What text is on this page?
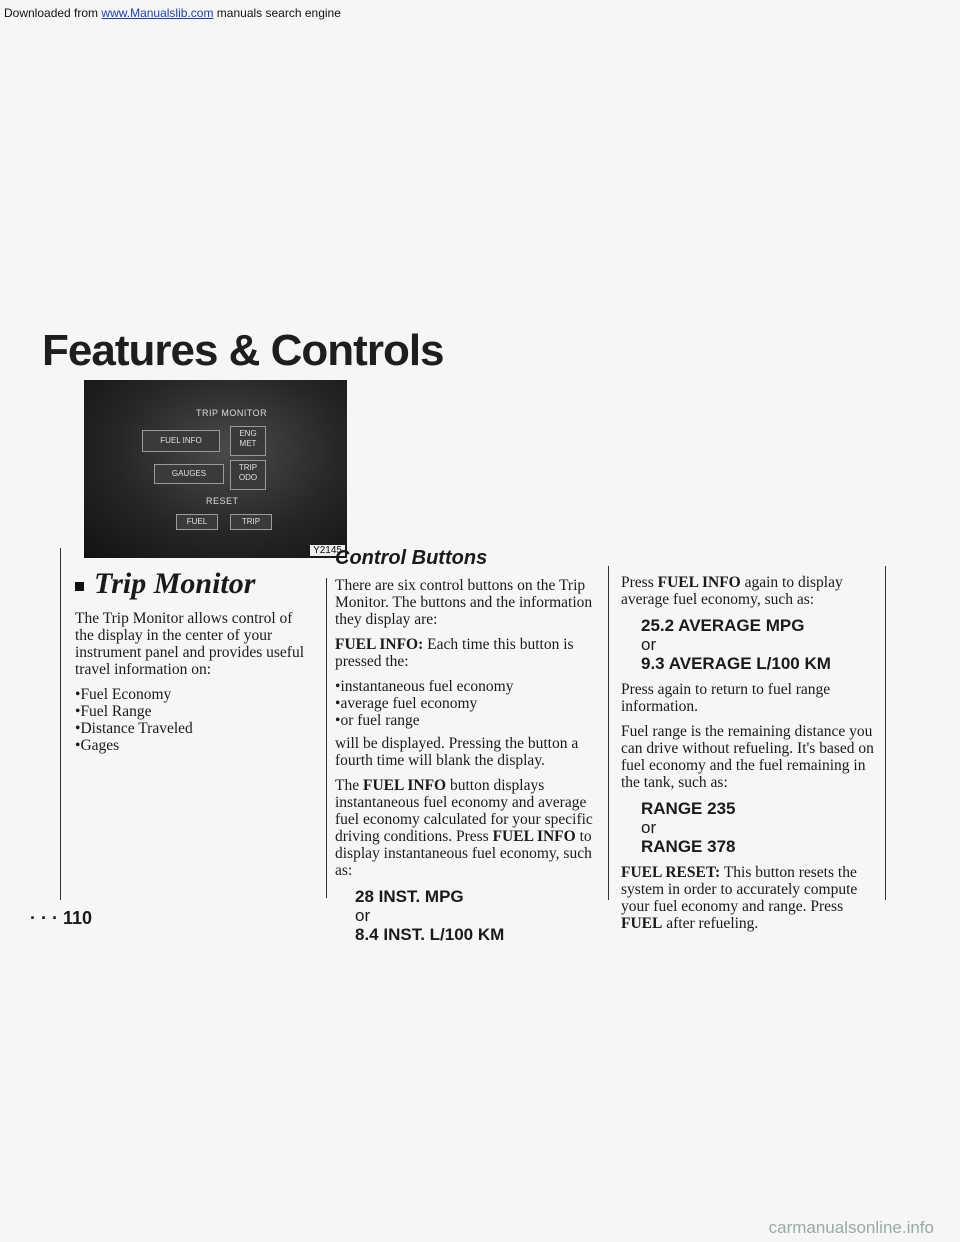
Downloaded from www.Manualslib.com manuals search engine
Features & Controls
TRIP MONITOR
FUEL INFO
ENG MET
GAUGES
TRIP ODO
RESET
FUEL	TRIP
Y2145
Trip Monitor

The Trip Monitor allows control of the display in the center of your instrument panel and provides useful travel information on:

• Fuel Economy
• Fuel Range
• Distance Traveled
• Gages
Control Buttons

There are six control buttons on the Trip Monitor. The buttons and the information they display are:

FUEL INFO: Each time this button is pressed the:

• instantaneous fuel economy
• average fuel economy
• or fuel range

will be displayed. Pressing the button a fourth time will blank the display.

The FUEL INFO button displays instantaneous fuel economy and average fuel economy calculated for your specific driving conditions. Press FUEL INFO to display instantaneous fuel economy, such as:

28 INST. MPG
or
8.4 INST. L/100 KM

Press FUEL INFO again to display average fuel economy, such as:

25.2 AVERAGE MPG
or
9.3 AVERAGE L/100 KM

Press again to return to fuel range information.

Fuel range is the remaining distance you can drive without refueling. It's based on fuel economy and the fuel remaining in the tank, such as:

RANGE 235
or
RANGE 378

FUEL RESET: This button resets the system in order to accurately compute your fuel economy and range. Press FUEL after refueling.

· · · 110
carmanualsonline.info
